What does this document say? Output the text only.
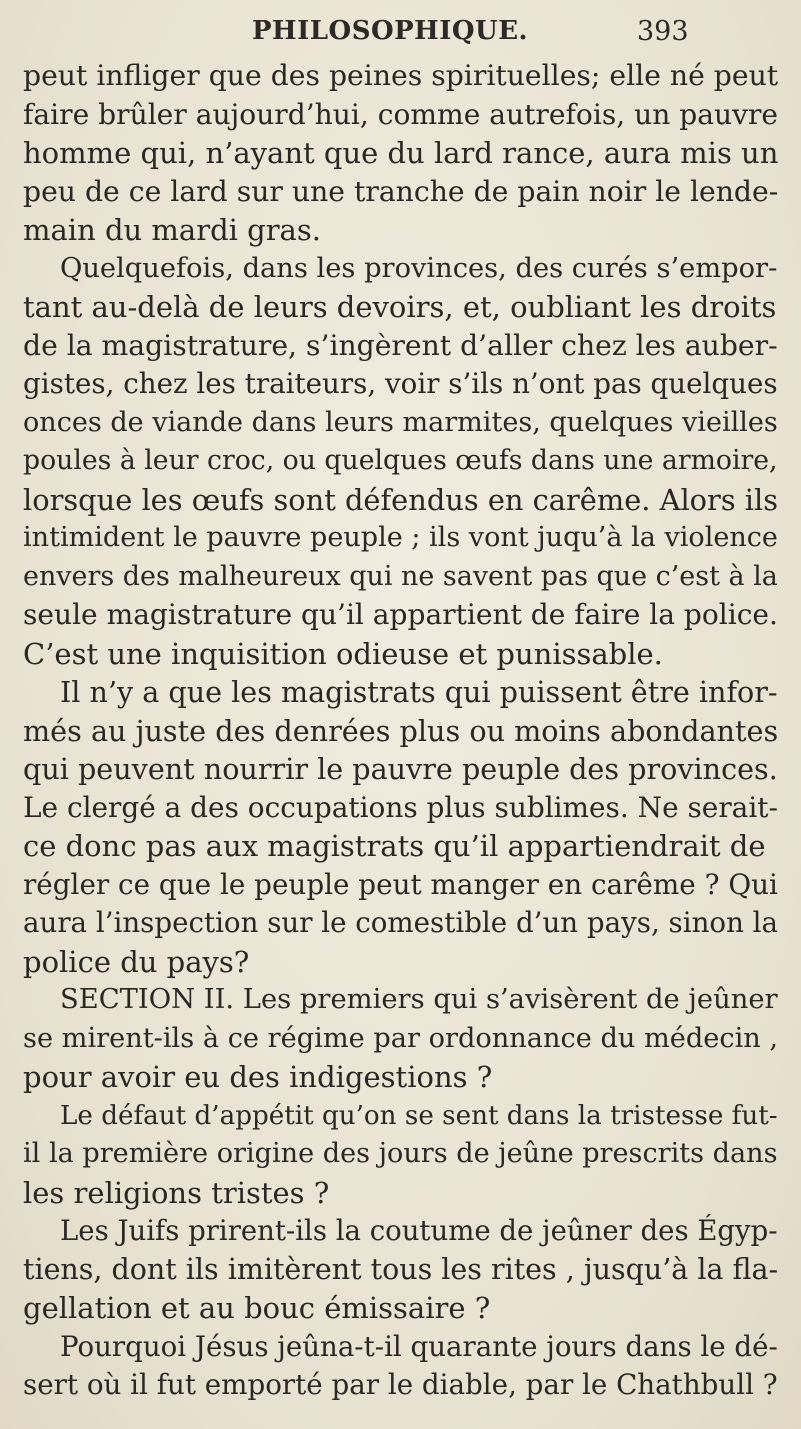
PHILOSOPHIQUE.	393
peut infliger que des peines spirituelles; elle né peut
faire brûler aujourd’hui, comme autrefois, un pauvre
homme qui, n’ayant que du lard rance, aura mis un
peu de ce lard sur une tranche de pain noir le lende-
main du mardi gras.
Quelquefois, dans les provinces, des curés s’empor-
tant au-delà de leurs devoirs, et, oubliant les droits
de la magistrature, s’ingèrent d’aller chez les auber-
gistes, chez les traiteurs, voir s’ils n’ont pas quelques
onces de viande dans leurs marmites, quelques vieilles
poules à leur croc, ou quelques œufs dans une armoire,
lorsque les œufs sont défendus en carême. Alors ils
intimident le pauvre peuple ; ils vont juqu’à la violence
envers des malheureux qui ne savent pas que c’est à la
seule magistrature qu’il appartient de faire la police.
C’est une inquisition odieuse et punissable.
Il n’y a que les magistrats qui puissent être infor-
més au juste des denrées plus ou moins abondantes
qui peuvent nourrir le pauvre peuple des provinces.
Le clergé a des occupations plus sublimes. Ne serait-
ce donc pas aux magistrats qu’il appartiendrait de
régler ce que le peuple peut manger en carême ? Qui
aura l’inspection sur le comestible d’un pays, sinon la
police du pays?
SECTION II. Les premiers qui s’avisèrent de jeûner
se mirent-ils à ce régime par ordonnance du médecin ,
pour avoir eu des indigestions ?
Le défaut d’appétit qu’on se sent dans la tristesse fut-
il la première origine des jours de jeûne prescrits dans
les religions tristes ?
Les Juifs prirent-ils la coutume de jeûner des Égyp-
tiens, dont ils imitèrent tous les rites , jusqu’à la fla-
gellation et au bouc émissaire ?
Pourquoi Jésus jeûna-t-il quarante jours dans le dé-
sert où il fut emporté par le diable, par le Chathbull ?
